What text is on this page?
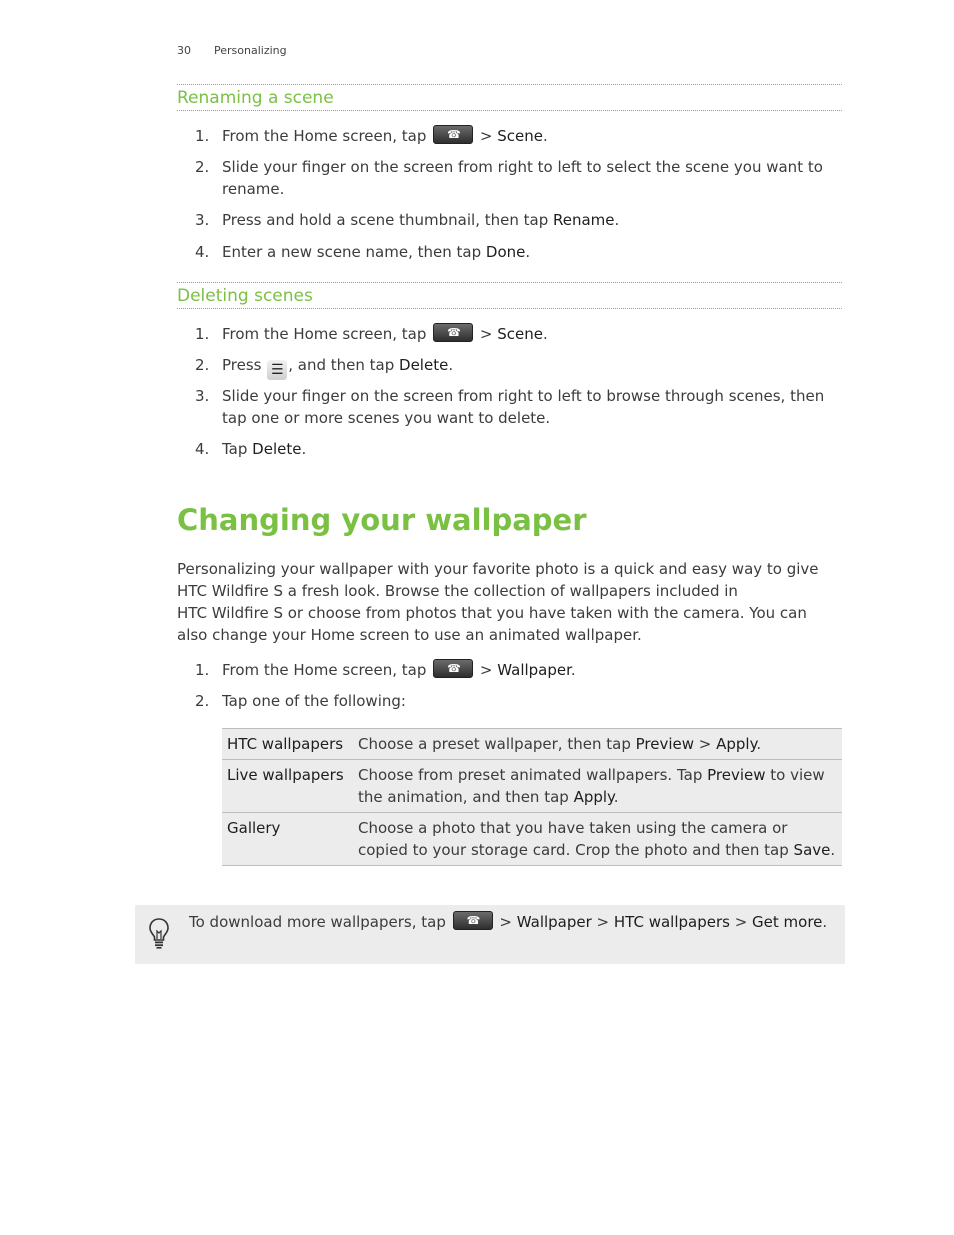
30 Personalizing
Renaming a scene
1. From the Home screen, tap ☎ > Scene.
2. Slide your finger on the screen from right to left to select the scene you want to
rename.
3. Press and hold a scene thumbnail, then tap Rename.
4. Enter a new scene name, then tap Done.
Deleting scenes
1. From the Home screen, tap ☎ > Scene.
2. Press ☰ , and then tap Delete.
3. Slide your finger on the screen from right to left to browse through scenes, then
tap one or more scenes you want to delete.
4. Tap Delete.
Changing your wallpaper
Personalizing your wallpaper with your favorite photo is a quick and easy way to give
HTC Wildfire S a fresh look. Browse the collection of wallpapers included in
HTC Wildfire S or choose from photos that you have taken with the camera. You can
also change your Home screen to use an animated wallpaper.
1. From the Home screen, tap ☎ > Wallpaper.
2. Tap one of the following:
HTC wallpapers	Choose a preset wallpaper, then tap Preview > Apply.
Live wallpapers	Choose from preset animated wallpapers. Tap Preview to view the animation, and then tap Apply.
Gallery	Choose a photo that you have taken using the camera or copied to your storage card. Crop the photo and then tap Save.
To download more wallpapers, tap ☎ > Wallpaper > HTC wallpapers > Get more.
